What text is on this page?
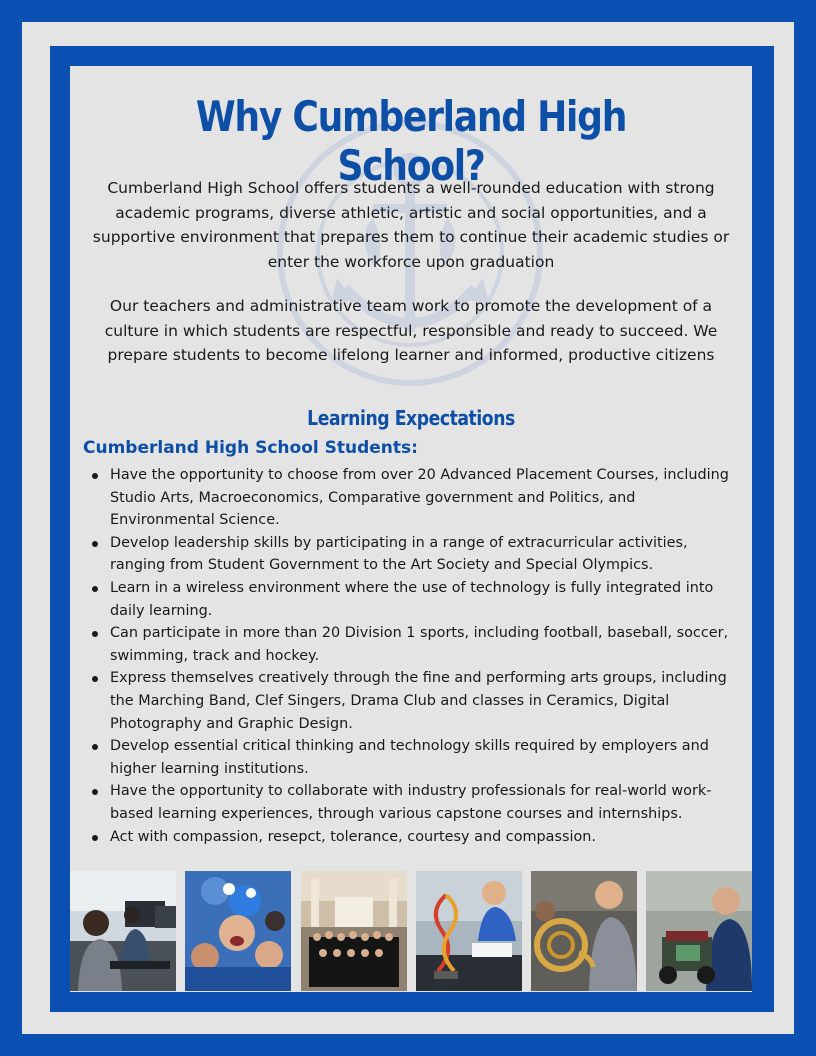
Why Cumberland High School?

Cumberland High School offers students a well-rounded education with strong academic programs, diverse athletic, artistic and social opportunities, and a supportive environment that prepares them to continue their academic studies or enter the workforce upon graduation

Our teachers and administrative team work to promote the development of a culture in which students are respectful, responsible and ready to succeed. We prepare students to become lifelong learner and informed, productive citizens

Learning Expectations
Cumberland High School Students:
Have the opportunity to choose from over 20 Advanced Placement Courses, including Studio Arts, Macroeconomics, Comparative government and Politics, and Environmental Science.
Develop leadership skills by participating in a range of extracurricular activities, ranging from Student Government to the Art Society and Special Olympics.
Learn in a wireless environment where the use of technology is fully integrated into daily learning.
Can participate in more than 20 Division 1 sports, including football, baseball, soccer, swimming, track and hockey.
Express themselves creatively through the fine and performing arts groups, including the Marching Band, Clef Singers, Drama Club and classes in Ceramics, Digital Photography and Graphic Design.
Develop essential critical thinking and technology skills required by employers and higher learning institutions.
Have the opportunity to collaborate with industry professionals for real-world work-based learning experiences, through various capstone courses and internships.
Act with compassion, resepct, tolerance, courtesy and compassion.
